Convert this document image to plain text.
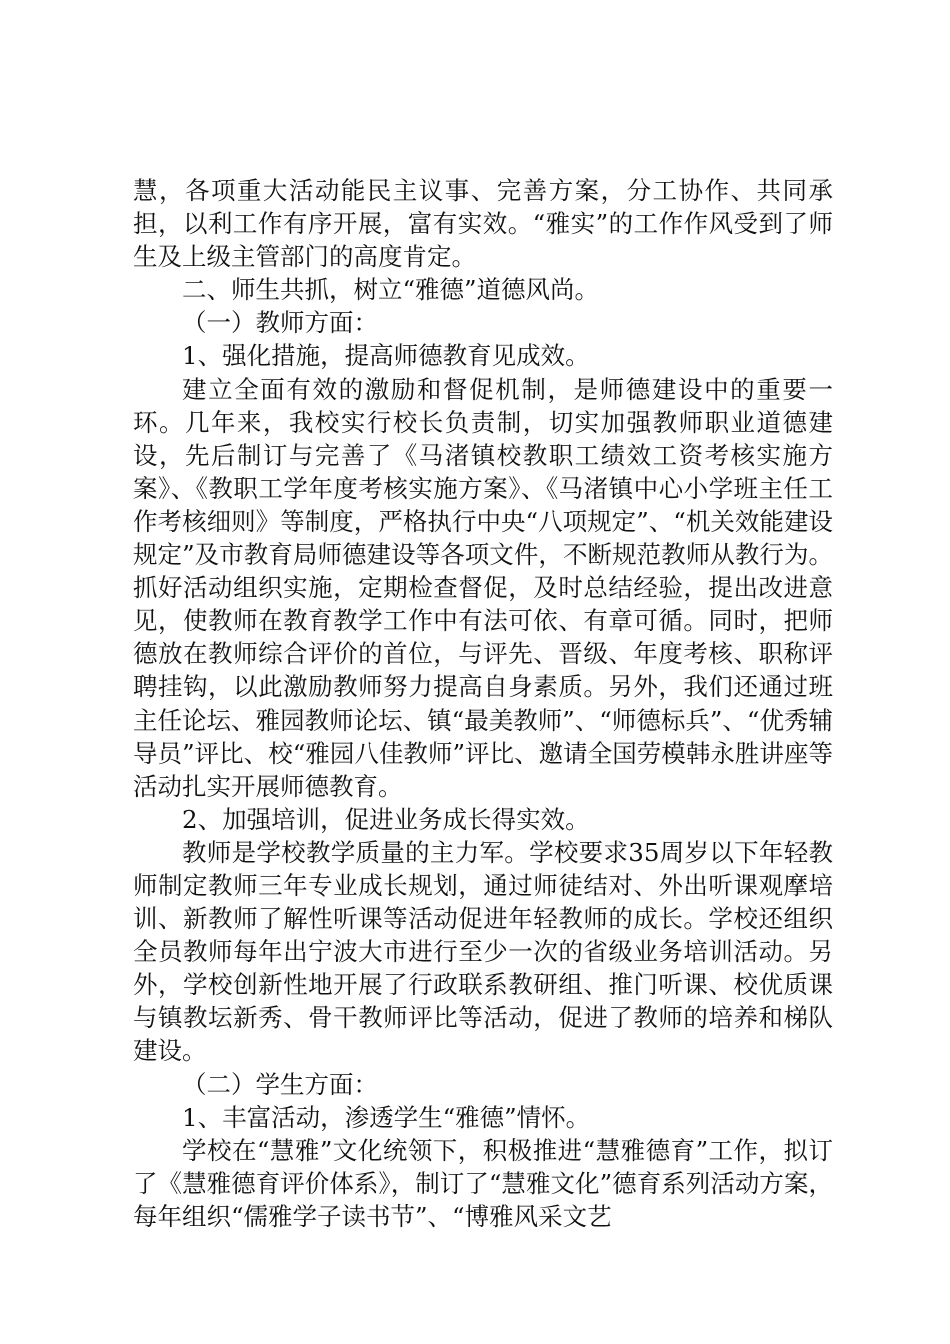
慧，各项重大活动能民主议事、完善方案，分工协作、共同承担，以利工作有序开展，富有实效。“雅实”的工作作风受到了师生及上级主管部门的高度肯定。

二、师生共抓，树立“雅德”道德风尚。

（一）教师方面：

1、强化措施，提高师德教育见成效。

建立全面有效的激励和督促机制，是师德建设中的重要一环。几年来，我校实行校长负责制，切实加强教师职业道德建设，先后制订与完善了《马渚镇校教职工绩效工资考核实施方案》、《教职工学年度考核实施方案》、《马渚镇中心小学班主任工作考核细则》等制度，严格执行中央“八项规定”、“机关效能建设规定”及市教育局师德建设等各项文件，不断规范教师从教行为。抓好活动组织实施，定期检查督促，及时总结经验，提出改进意见，使教师在教育教学工作中有法可依、有章可循。同时，把师德放在教师综合评价的首位，与评先、晋级、年度考核、职称评聘挂钩，以此激励教师努力提高自身素质。另外，我们还通过班主任论坛、雅园教师论坛、镇“最美教师”、“师德标兵”、“优秀辅导员”评比、校“雅园八佳教师”评比、邀请全国劳模韩永胜讲座等活动扎实开展师德教育。

2、加强培训，促进业务成长得实效。

教师是学校教学质量的主力军。学校要求35周岁以下年轻教师制定教师三年专业成长规划，通过师徒结对、外出听课观摩培训、新教师了解性听课等活动促进年轻教师的成长。学校还组织全员教师每年出宁波大市进行至少一次的省级业务培训活动。另外，学校创新性地开展了行政联系教研组、推门听课、校优质课与镇教坛新秀、骨干教师评比等活动，促进了教师的培养和梯队建设。

（二）学生方面：

1、丰富活动，渗透学生“雅德”情怀。

学校在“慧雅”文化统领下，积极推进“慧雅德育”工作，拟订了《慧雅德育评价体系》，制订了“慧雅文化”德育系列活动方案，每年组织“儒雅学子读书节”、“博雅风采文艺
